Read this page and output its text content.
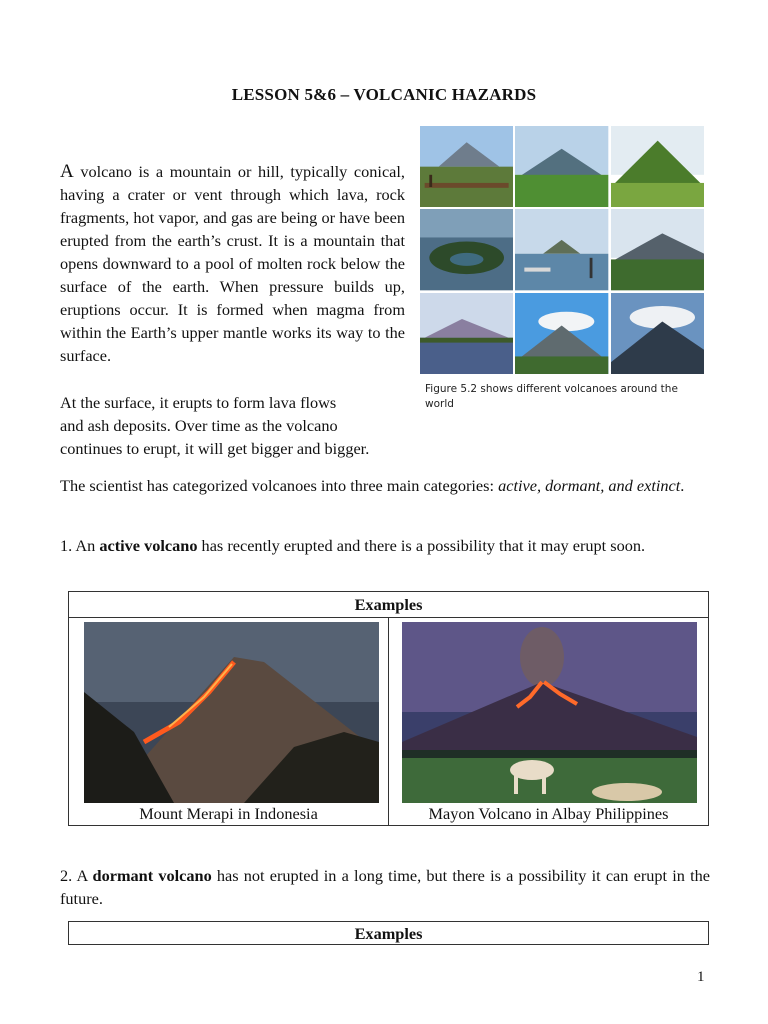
LESSON 5&6 – VOLCANIC HAZARDS
A volcano is a mountain or hill, typically conical, having a crater or vent through which lava, rock fragments, hot vapor, and gas are being or have been erupted from the earth’s crust. It is a mountain that opens downward to a pool of molten rock below the surface of the earth. When pressure builds up, eruptions occur. It is formed when magma from within the Earth’s upper mantle works its way to the surface.
At the surface, it erupts to form lava flows
and ash deposits. Over time as the volcano
continues to erupt, it will get bigger and bigger.
Figure 5.2 shows different volcanoes around the world
The scientist has categorized volcanoes into three main categories: active, dormant, and extinct.
1. An active volcano has recently erupted and there is a possibility that it may erupt soon.
Examples
Mount Merapi in Indonesia	Mayon Volcano in Albay Philippines
2. A dormant volcano has not erupted in a long time, but there is a possibility it can erupt in the future.
Examples
1
